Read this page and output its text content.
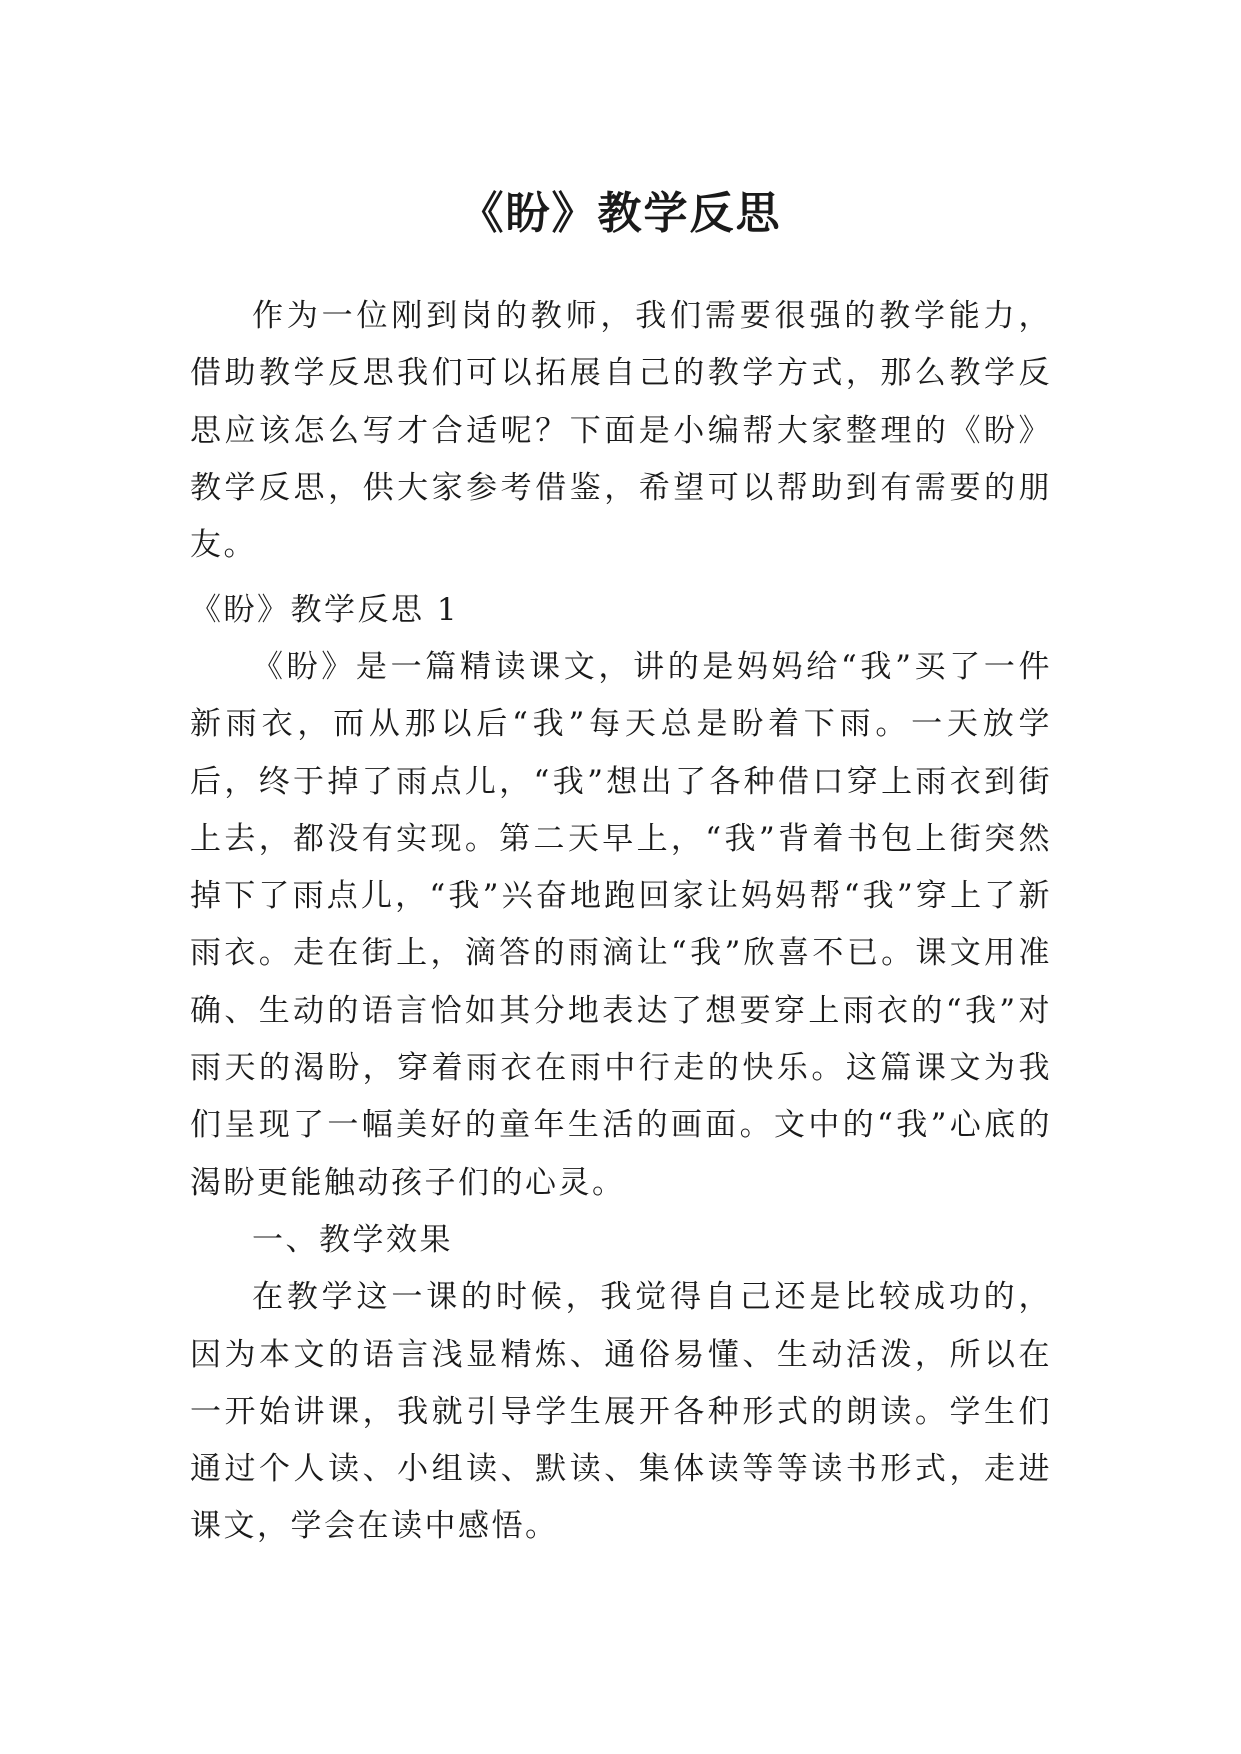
《盼》教学反思

作为一位刚到岗的教师，我们需要很强的教学能力，借助教学反思我们可以拓展自己的教学方式，那么教学反思应该怎么写才合适呢？下面是小编帮大家整理的《盼》教学反思，供大家参考借鉴，希望可以帮助到有需要的朋友。

《盼》教学反思 1

《盼》是一篇精读课文，讲的是妈妈给“我”买了一件新雨衣，而从那以后“我”每天总是盼着下雨。一天放学后，终于掉了雨点儿，“我”想出了各种借口穿上雨衣到街上去，都没有实现。第二天早上，“我”背着书包上街突然掉下了雨点儿，“我”兴奋地跑回家让妈妈帮“我”穿上了新雨衣。走在街上，滴答的雨滴让“我”欣喜不已。课文用准确、生动的语言恰如其分地表达了想要穿上雨衣的“我”对雨天的渴盼，穿着雨衣在雨中行走的快乐。这篇课文为我们呈现了一幅美好的童年生活的画面。文中的“我”心底的渴盼更能触动孩子们的心灵。

一、教学效果

在教学这一课的时候，我觉得自己还是比较成功的，因为本文的语言浅显精炼、通俗易懂、生动活泼，所以在一开始讲课，我就引导学生展开各种形式的朗读。学生们通过个人读、小组读、默读、集体读等等读书形式，走进课文，学会在读中感悟。
